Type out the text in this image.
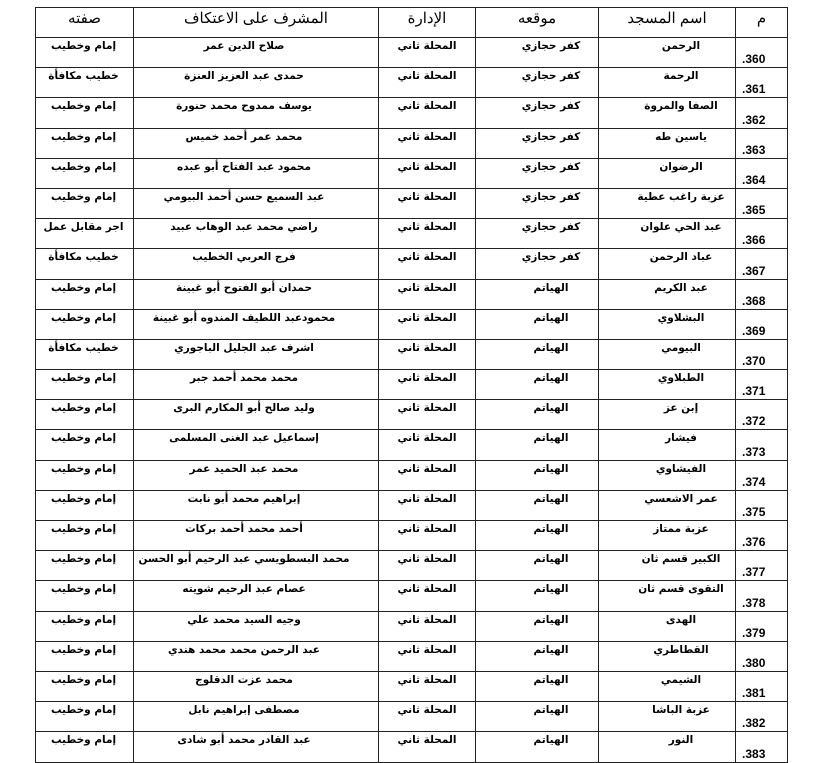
م	اسم المسجد	موقعه	الإدارة	المشرف على الاعتكاف	صفته
360.	الرحمن	كفر حجازي	المحلة ثاني	صلاح الدين عمر	إمام وخطيب
361.	الرحمة	كفر حجازي	المحلة ثاني	حمدى عبد العزيز العنزة	خطيب مكافأة
362.	الصفا والمروة	كفر حجازي	المحلة ثاني	يوسف ممدوح محمد حنورة	إمام وخطيب
363.	ياسين طه	كفر حجازي	المحلة ثاني	محمد عمر أحمد خميس	إمام وخطيب
364.	الرضوان	كفر حجازي	المحلة ثاني	محمود عبد الفتاح أبو عبده	إمام وخطيب
365.	عزبة راغب عطية	كفر حجازي	المحلة ثاني	عبد السميع حسن أحمد البيومي	إمام وخطيب
366.	عبد الحي علوان	كفر حجازي	المحلة ثاني	راضي محمد عبد الوهاب عبيد	اجر مقابل عمل
367.	عباد الرحمن	كفر حجازي	المحلة ثاني	فرج العربي الخطيب	خطيب مكافأة
368.	عبد الكريم	الهياتم	المحلة ثاني	حمدان أبو الفتوح أبو غبينة	إمام وخطيب
369.	البشلاوي	الهياتم	المحلة ثاني	محمودعبد اللطيف المندوه أبو غبينة	إمام وخطيب
370.	البيومي	الهياتم	المحلة ثاني	اشرف عبد الجليل الباجوري	خطيب مكافأة
371.	الطبلاوي	الهياتم	المحلة ثاني	محمد محمد أحمد جبر	إمام وخطيب
372.	إبن عز	الهياتم	المحلة ثاني	وليد صالح أبو المكارم البرى	إمام وخطيب
373.	فيشار	الهياتم	المحلة ثاني	إسماعيل عبد الغنى المسلمى	إمام وخطيب
374.	الفيشاوي	الهياتم	المحلة ثاني	محمد عبد الحميد عمر	إمام وخطيب
375.	عمر الاشعسي	الهياتم	المحلة ثاني	إبراهيم محمد أبو نابت	إمام وخطيب
376.	عزبة ممتاز	الهياتم	المحلة ثاني	أحمد محمد أحمد بركات	إمام وخطيب
377.	الكبير قسم ثان	الهياتم	المحلة ثاني	محمد البسطويسي عبد الرحيم أبو الحسن	إمام وخطيب
378.	التقوى قسم ثان	الهياتم	المحلة ثاني	عصام عبد الرحيم شويته	إمام وخطيب
379.	الهدى	الهياتم	المحلة ثاني	وجيه السيد محمد علي	إمام وخطيب
380.	القطاطري	الهياتم	المحلة ثاني	عبد الرحمن محمد محمد هندي	إمام وخطيب
381.	الشيمي	الهياتم	المحلة ثاني	محمد عزت الدقلوج	إمام وخطيب
382.	عزبة الباشا	الهياتم	المحلة ثاني	مصطفى إبراهيم نابل	إمام وخطيب
383.	النور	الهياتم	المحلة ثاني	عبد القادر محمد أبو شادى	إمام وخطيب
